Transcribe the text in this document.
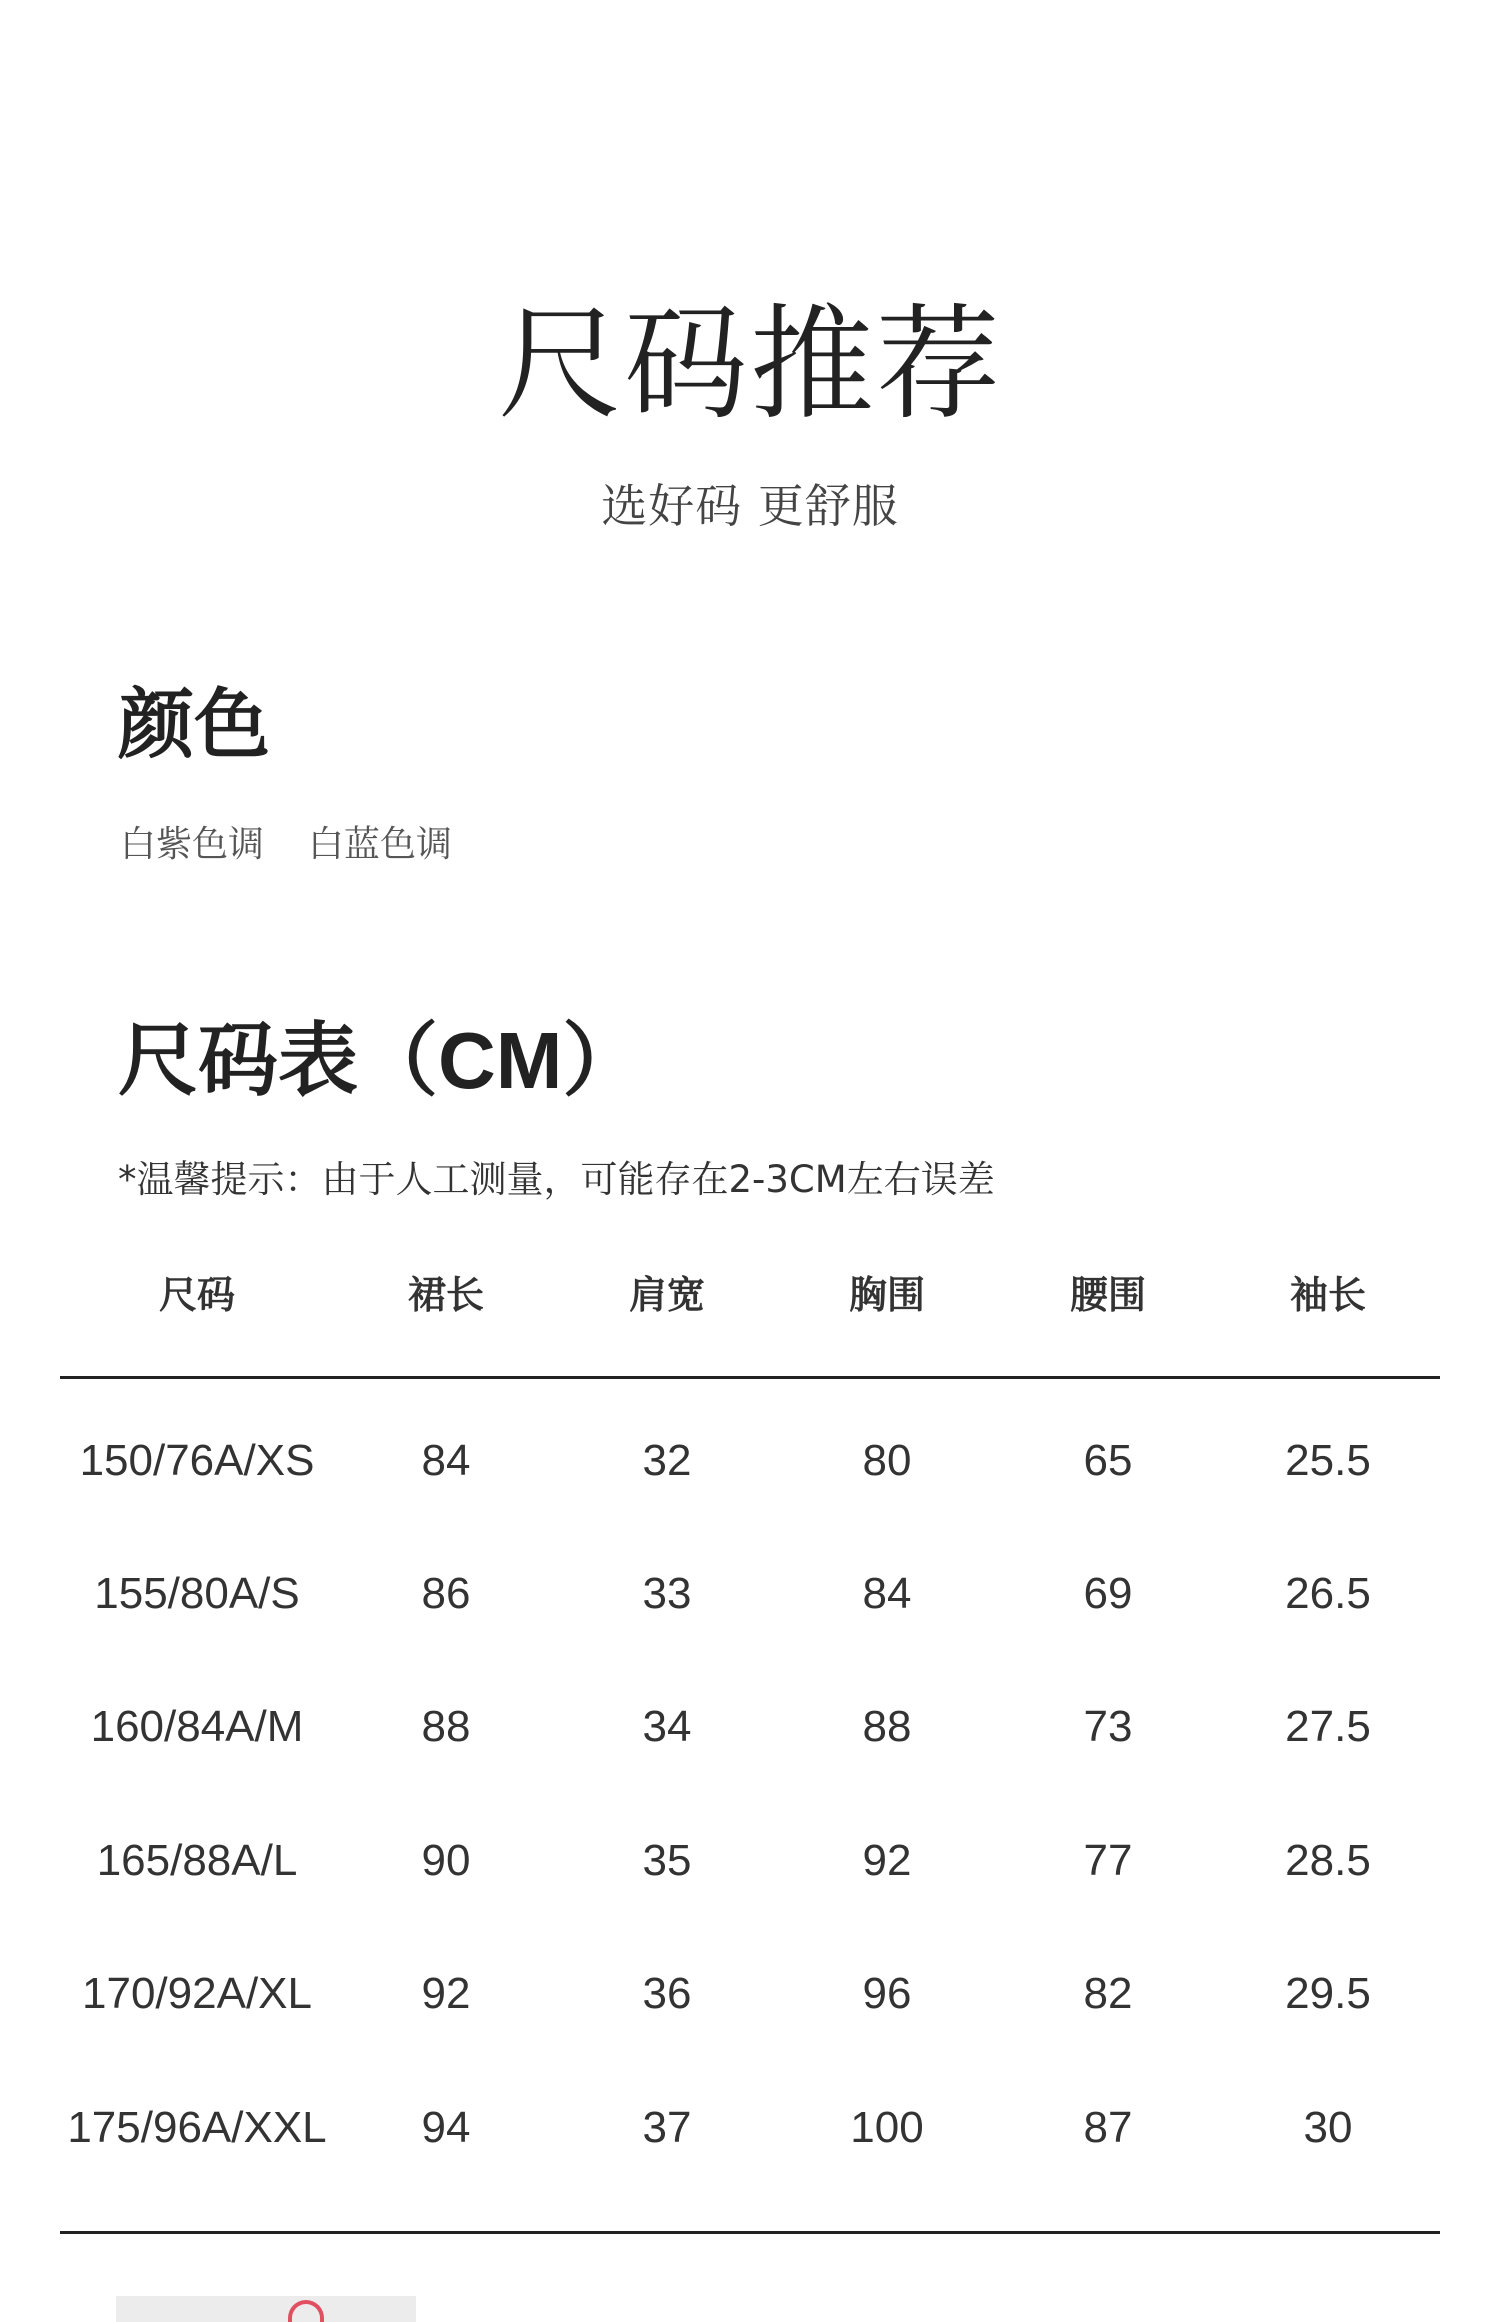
尺码推荐
选好码 更舒服
颜色
白紫色调 白蓝色调
尺码表（CM）
*温馨提示：由于人工测量，可能存在2-3CM左右误差
尺码	裙长	肩宽	胸围	腰围	袖长
150/76A/XS 84	32	80	65	25.5
155/80A/S	86	33	84	69	26.5
160/84A/M	88	34	88	73	27.5
165/88A/L	90	35	92	77	28.5
170/92A/XL 92	36	96	82	29.5
175/96A/XXL 94	37	100	87	30
